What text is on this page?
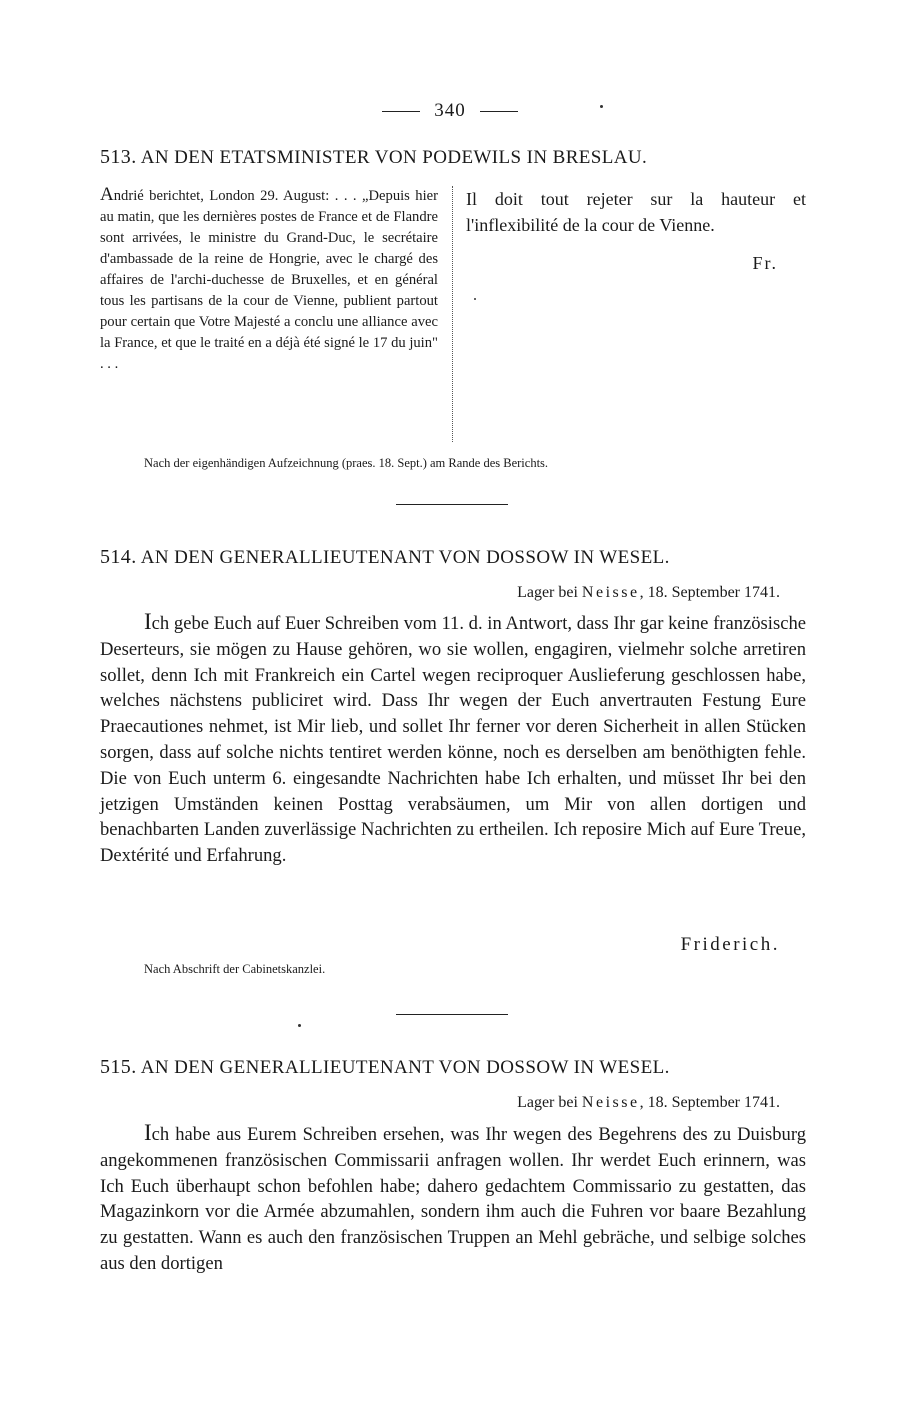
340
513. AN DEN ETATSMINISTER VON PODEWILS IN BRESLAU.
Andrié berichtet, London 29. August: . . . „Depuis hier au matin, que les dernières postes de France et de Flandre sont arrivées, le ministre du Grand-Duc, le secrétaire d'ambassade de la reine de Hongrie, avec le chargé des affaires de l'archi-duchesse de Bruxelles, et en général tous les partisans de la cour de Vienne, publient partout pour certain que Votre Majesté a conclu une alliance avec la France, et que le traité en a déjà été signé le 17 du juin" . . .
Il doit tout rejeter sur la hauteur et l'inflexibilité de la cour de Vienne.
Fr.
Nach der eigenhändigen Aufzeichnung (praes. 18. Sept.) am Rande des Berichts.
514. AN DEN GENERALLIEUTENANT VON DOSSOW IN WESEL.
Lager bei Neisse, 18. September 1741.
Ich gebe Euch auf Euer Schreiben vom 11. d. in Antwort, dass Ihr gar keine französische Deserteurs, sie mögen zu Hause gehören, wo sie wollen, engagiren, vielmehr solche arretiren sollet, denn Ich mit Frankreich ein Cartel wegen reciproquer Auslieferung geschlossen habe, welches nächstens publiciret wird. Dass Ihr wegen der Euch anvertrauten Festung Eure Praecautiones nehmet, ist Mir lieb, und sollet Ihr ferner vor deren Sicherheit in allen Stücken sorgen, dass auf solche nichts tentiret werden könne, noch es derselben am benöthigten fehle. Die von Euch unterm 6. eingesandte Nachrichten habe Ich erhalten, und müsset Ihr bei den jetzigen Umständen keinen Posttag verabsäumen, um Mir von allen dortigen und benachbarten Landen zuverlässige Nachrichten zu ertheilen. Ich reposire Mich auf Eure Treue, Dextérité und Erfahrung.
Friderich.
Nach Abschrift der Cabinetskanzlei.
515. AN DEN GENERALLIEUTENANT VON DOSSOW IN WESEL.
Lager bei Neisse, 18. September 1741.
Ich habe aus Eurem Schreiben ersehen, was Ihr wegen des Begehrens des zu Duisburg angekommenen französischen Commissarii anfragen wollen. Ihr werdet Euch erinnern, was Ich Euch überhaupt schon befohlen habe; dahero gedachtem Commissario zu gestatten, das Magazinkorn vor die Armée abzumahlen, sondern ihm auch die Fuhren vor baare Bezahlung zu gestatten. Wann es auch den französischen Truppen an Mehl gebräche, und selbige solches aus den dortigen
